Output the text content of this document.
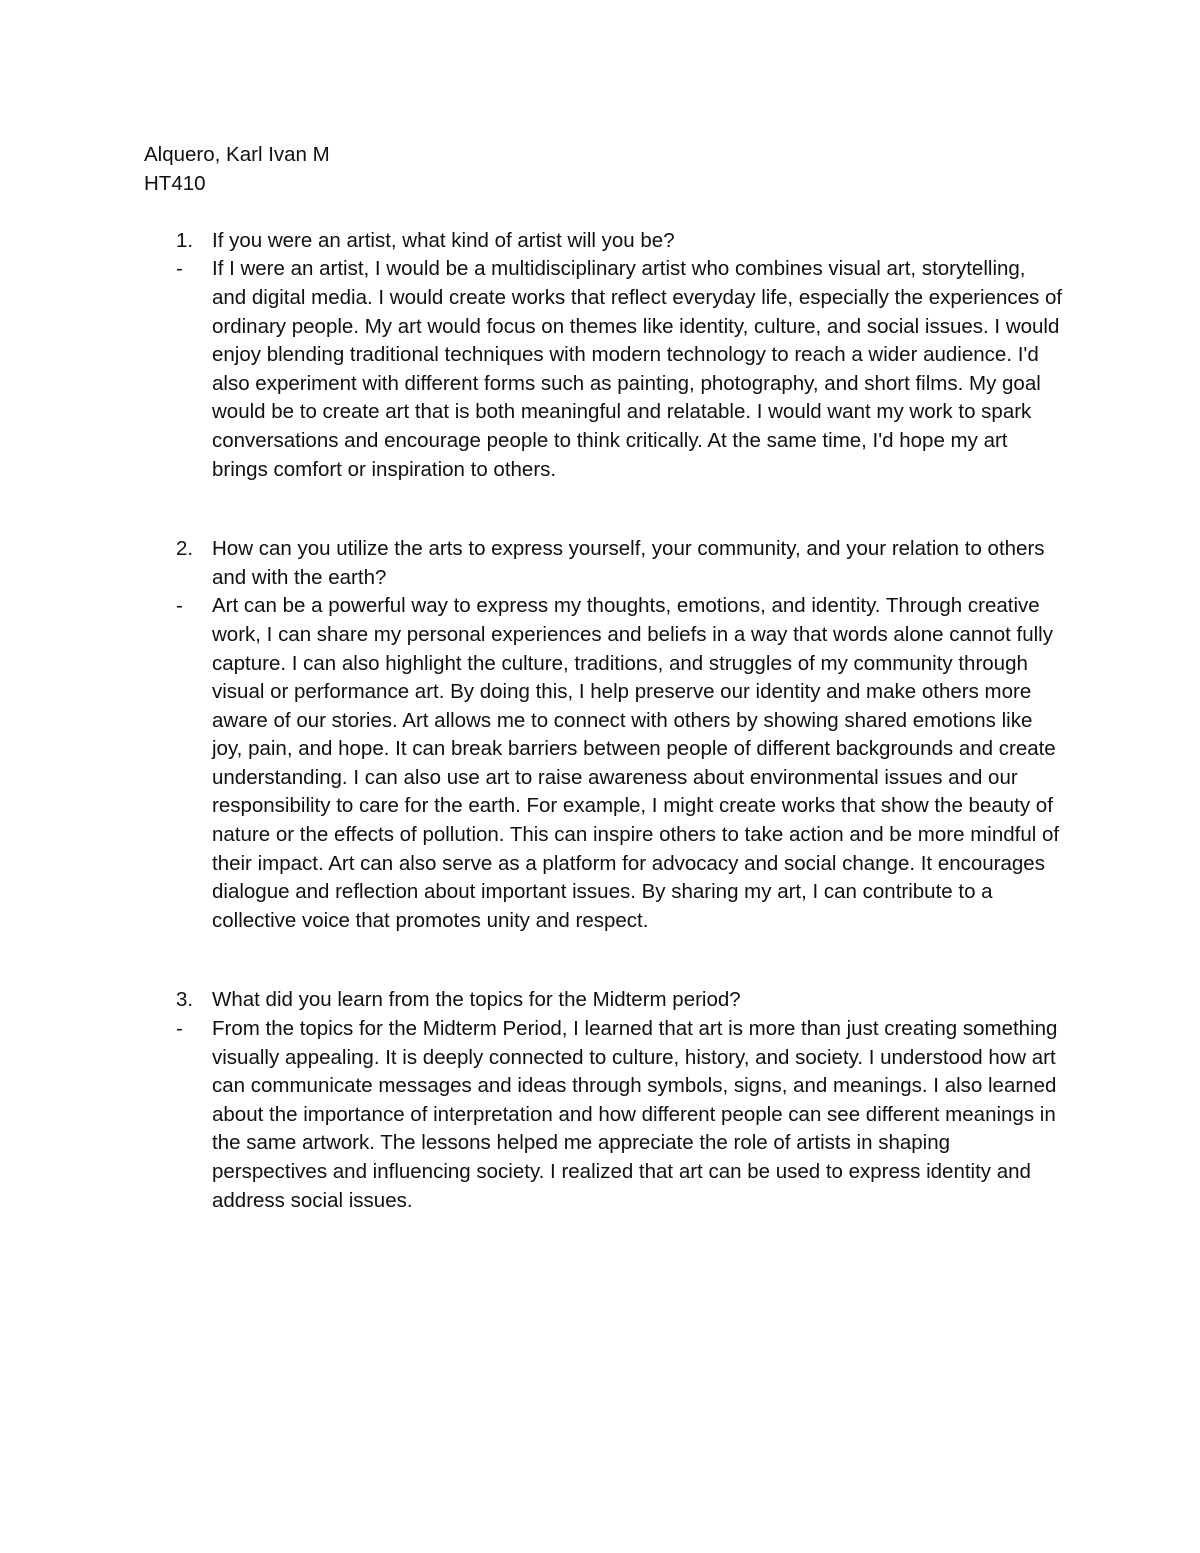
Alquero, Karl Ivan M

HT410

1. If you were an artist, what kind of artist will you be?
-	If I were an artist, I would be a multidisciplinary artist who combines visual art, storytelling, and digital media. I would create works that reflect everyday life, especially the experiences of ordinary people. My art would focus on themes like identity, culture, and social issues. I would enjoy blending traditional techniques with modern technology to reach a wider audience. I'd also experiment with different forms such as painting, photography, and short films. My goal would be to create art that is both meaningful and relatable. I would want my work to spark conversations and encourage people to think critically. At the same time, I'd hope my art brings comfort or inspiration to others.
2. How can you utilize the arts to express yourself, your community, and your relation to others and with the earth?
-	Art can be a powerful way to express my thoughts, emotions, and identity. Through creative work, I can share my personal experiences and beliefs in a way that words alone cannot fully capture. I can also highlight the culture, traditions, and struggles of my community through visual or performance art. By doing this, I help preserve our identity and make others more aware of our stories. Art allows me to connect with others by showing shared emotions like joy, pain, and hope. It can break barriers between people of different backgrounds and create understanding. I can also use art to raise awareness about environmental issues and our responsibility to care for the earth. For example, I might create works that show the beauty of nature or the effects of pollution. This can inspire others to take action and be more mindful of their impact. Art can also serve as a platform for advocacy and social change. It encourages dialogue and reflection about important issues. By sharing my art, I can contribute to a collective voice that promotes unity and respect.
3. What did you learn from the topics for the Midterm period?
-	From the topics for the Midterm Period, I learned that art is more than just creating something visually appealing. It is deeply connected to culture, history, and society. I understood how art can communicate messages and ideas through symbols, signs, and meanings. I also learned about the importance of interpretation and how different people can see different meanings in the same artwork. The lessons helped me appreciate the role of artists in shaping perspectives and influencing society. I realized that art can be used to express identity and address social issues.
